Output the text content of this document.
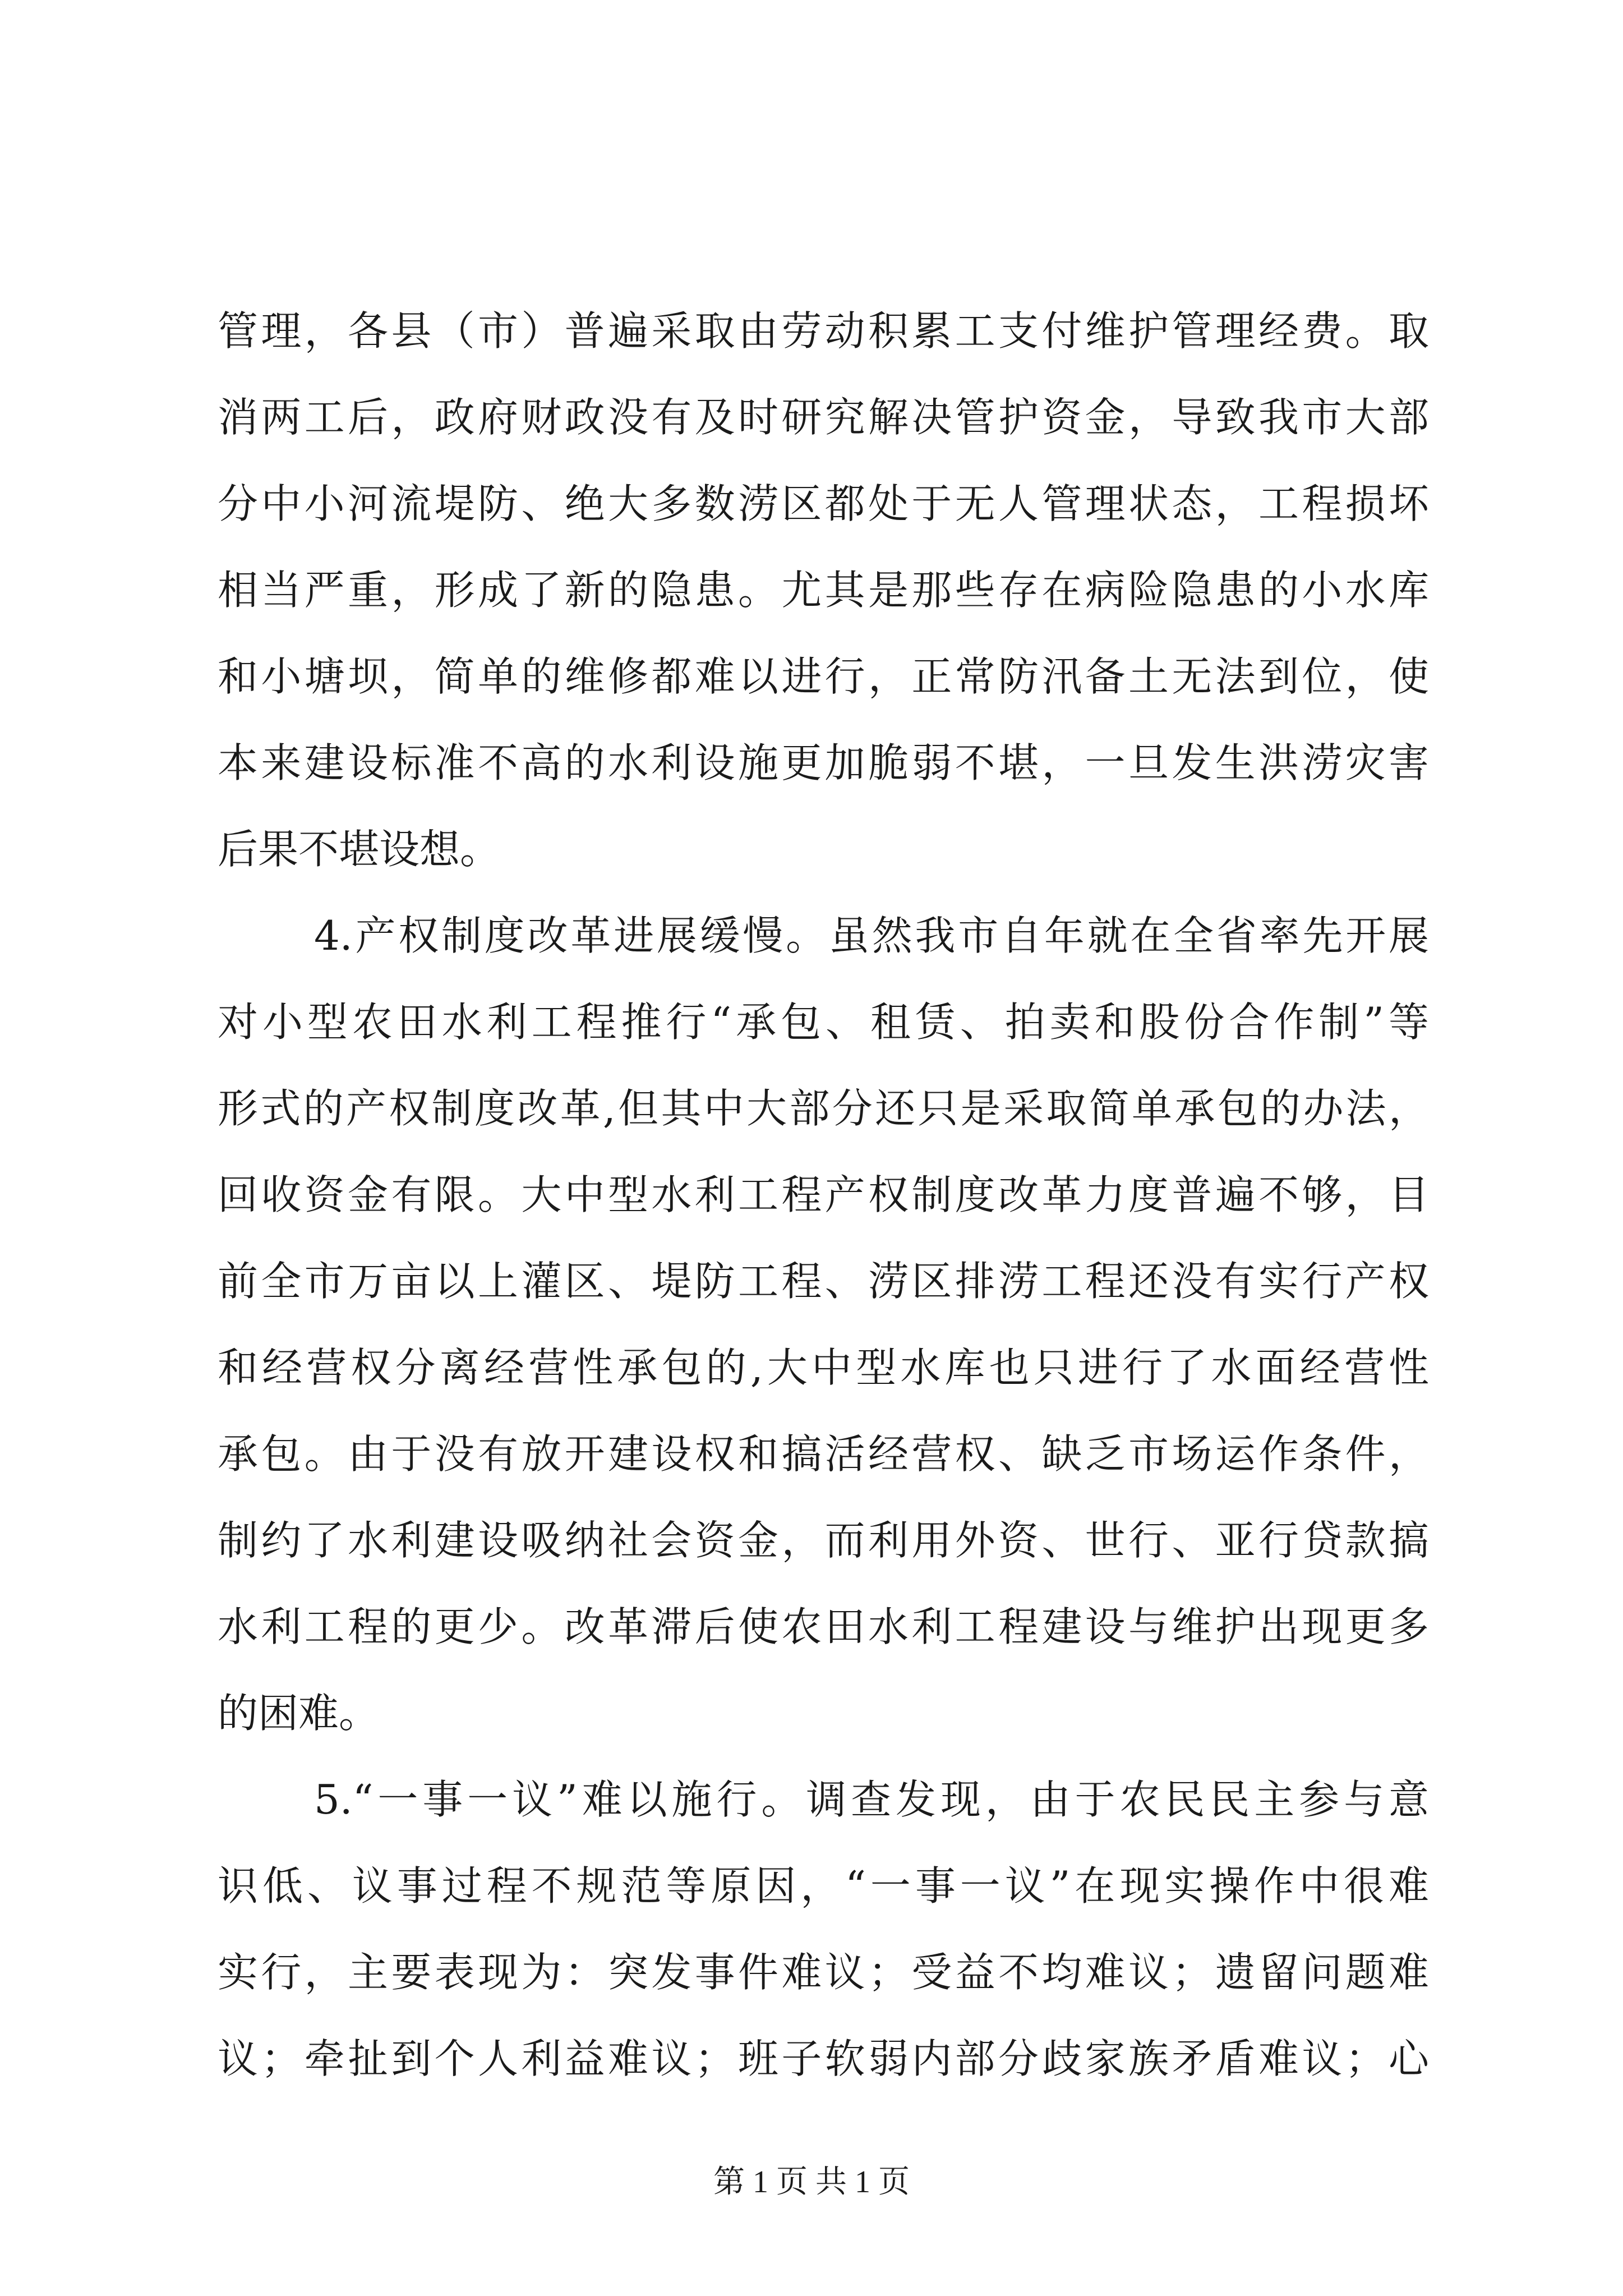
管理，各县（市）普遍采取由劳动积累工支付维护管理经费。取
消两工后，政府财政没有及时研究解决管护资金，导致我市大部
分中小河流堤防、绝大多数涝区都处于无人管理状态，工程损坏
相当严重，形成了新的隐患。尤其是那些存在病险隐患的小水库
和小塘坝，简单的维修都难以进行，正常防汛备土无法到位，使
本来建设标准不高的水利设施更加脆弱不堪，一旦发生洪涝灾害
后果不堪设想。
4.产权制度改革进展缓慢。虽然我市自年就在全省率先开展
对小型农田水利工程推行“承包、租赁、拍卖和股份合作制”等
形式的产权制度改革,但其中大部分还只是采取简单承包的办法，
回收资金有限。大中型水利工程产权制度改革力度普遍不够，目
前全市万亩以上灌区、堤防工程、涝区排涝工程还没有实行产权
和经营权分离经营性承包的,大中型水库也只进行了水面经营性
承包。由于没有放开建设权和搞活经营权、缺乏市场运作条件，
制约了水利建设吸纳社会资金，而利用外资、世行、亚行贷款搞
水利工程的更少。改革滞后使农田水利工程建设与维护出现更多
的困难。
5.“一事一议”难以施行。调查发现，由于农民民主参与意
识低、议事过程不规范等原因，“一事一议”在现实操作中很难
实行，主要表现为：突发事件难议；受益不均难议；遗留问题难
议；牵扯到个人利益难议；班子软弱内部分歧家族矛盾难议；心
第 1 页 共 1 页
